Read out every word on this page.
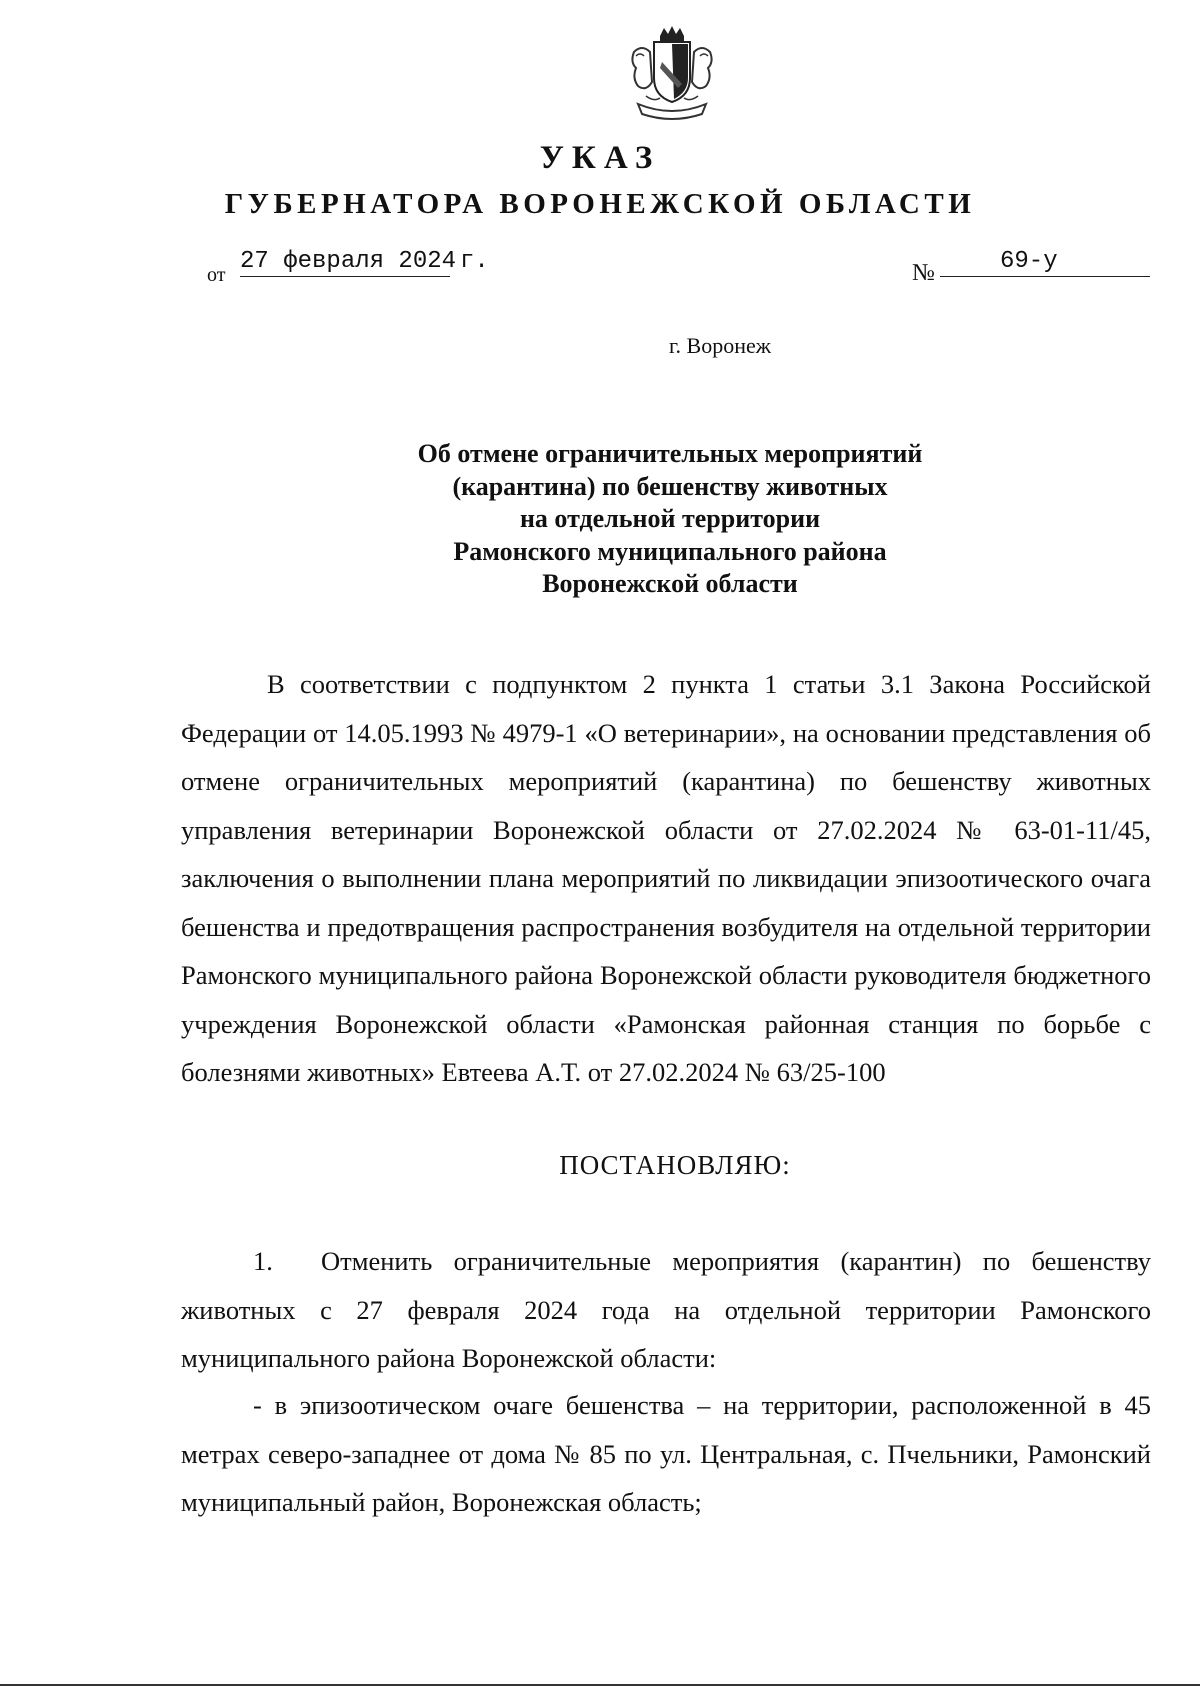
УКАЗ
ГУБЕРНАТОРА ВОРОНЕЖСКОЙ ОБЛАСТИ
от 27 февраля 2024 г.	№	69-у
г. Воронеж
Об отмене ограничительных мероприятий
(карантина) по бешенству животных
на отдельной территории
Рамонского муниципального района
Воронежской области
В соответствии с подпунктом 2 пункта 1 статьи 3.1 Закона Российской Федерации от 14.05.1993 № 4979-1 «О ветеринарии», на основании представления об отмене ограничительных мероприятий (карантина) по бешенству животных управления ветеринарии Воронежской области от 27.02.2024 № 63-01-11/45, заключения о выполнении плана мероприятий по ликвидации эпизоотического очага бешенства и предотвращения распространения возбудителя на отдельной территории Рамонского муниципального района Воронежской области руководителя бюджетного учреждения Воронежской области «Рамонская районная станция по борьбе с болезнями животных» Евтеева А.Т. от 27.02.2024 № 63/25-100
ПОСТАНОВЛЯЮ:
1. Отменить ограничительные мероприятия (карантин) по бешенству животных с 27 февраля 2024 года на отдельной территории Рамонского муниципального района Воронежской области:
- в эпизоотическом очаге бешенства – на территории, расположенной в 45 метрах северо-западнее от дома № 85 по ул. Центральная, с. Пчельники, Рамонский муниципальный район, Воронежская область;
